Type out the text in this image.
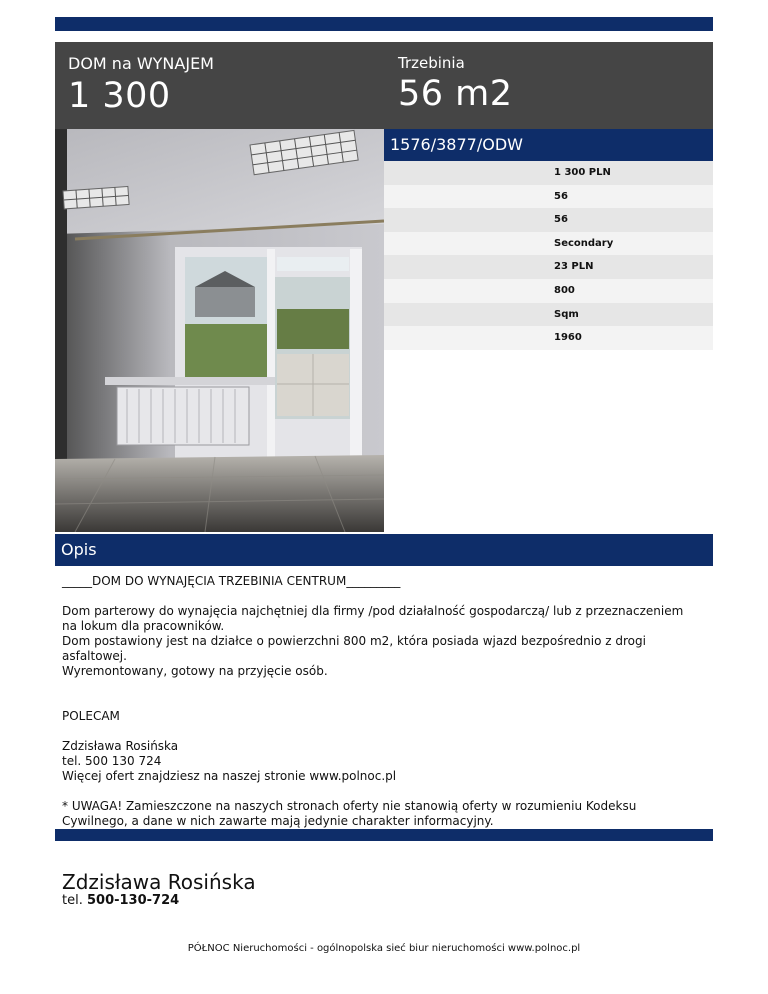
DOM na WYNAJEM
1 300
Trzebinia
56 m2
1576/3877/ODW
1 300 PLN
56
56
Secondary
23 PLN
800
Sqm
1960
Opis

_____DOM DO WYNAJĘCIA TRZEBINIA CENTRUM_________

Dom parterowy do wynajęcia najchętniej dla firmy /pod działalność gospodarczą/ lub z przeznaczeniem na lokum dla pracowników.

Dom postawiony jest na działce o powierzchni 800 m2, która posiada wjazd bezpośrednio z drogi asfaltowej.

Wyremontowany, gotowy na przyjęcie osób.

POLECAM

Zdzisława Rosińska

tel. 500 130 724

Więcej ofert znajdziesz na naszej stronie www.polnoc.pl

* UWAGA! Zamieszczone na naszych stronach oferty nie stanowią oferty w rozumieniu Kodeksu Cywilnego, a dane w nich zawarte mają jedynie charakter informacyjny.

Zdzisława Rosińska
tel. 500-130-724
PÓŁNOC Nieruchomości - ogólnopolska sieć biur nieruchomości www.polnoc.pl
